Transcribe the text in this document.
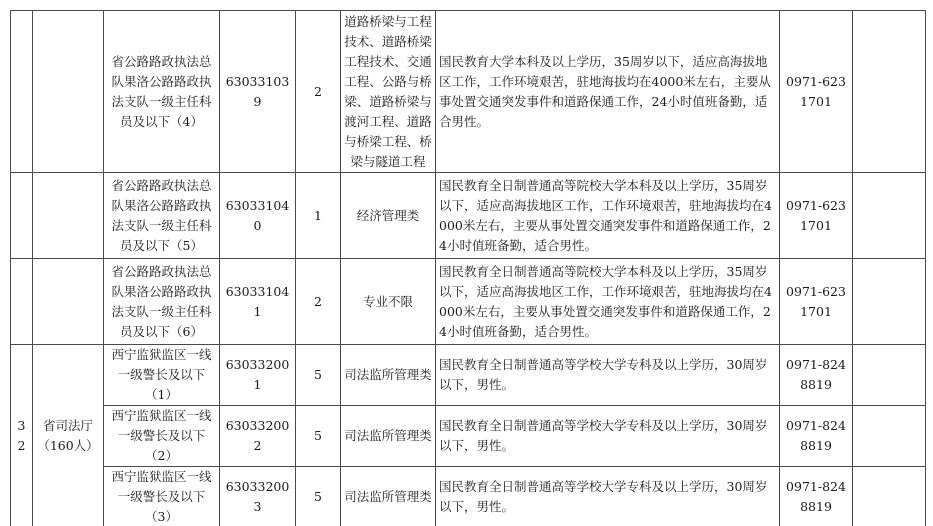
		省公路路政执法总队果洛公路路政执法支队一级主任科员及以下（4）	630331039	2	道路桥梁与工程技术、道路桥梁工程技术、交通工程、公路与桥梁、道路桥梁与渡河工程、道路与桥梁工程、桥梁与隧道工程	国民教育大学本科及以上学历，35周岁以下，适应高海拔地区工作，工作环境艰苦，驻地海拔均在4000米左右，主要从事处置交通突发事件和道路保通工作，24小时值班备勤，适合男性。	0971-6231701	

		省公路路政执法总队果洛公路路政执法支队一级主任科员及以下（5）	630331040	1	经济管理类	国民教育全日制普通高等院校大学本科及以上学历，35周岁以下，适应高海拔地区工作，工作环境艰苦，驻地海拔均在4000米左右，主要从事处置交通突发事件和道路保通工作，24小时值班备勤，适合男性。	0971-6231701	

		省公路路政执法总队果洛公路路政执法支队一级主任科员及以下（6）	630331041	2	专业不限	国民教育全日制普通高等院校大学本科及以上学历，35周岁以下，适应高海拔地区工作，工作环境艰苦，驻地海拔均在4000米左右，主要从事处置交通突发事件和道路保通工作，24小时值班备勤，适合男性。	0971-6231701	

32	省司法厅（160人）	西宁监狱监区一线一级警长及以下（1）	630332001	5	司法监所管理类	国民教育全日制普通高等学校大学专科及以上学历，30周岁以下，男性。	0971-8248819	

		西宁监狱监区一线一级警长及以下（2）	630332002	5	司法监所管理类	国民教育全日制普通高等学校大学专科及以上学历，30周岁以下，男性。	0971-8248819	

		西宁监狱监区一线一级警长及以下（3）	630332003	5	司法监所管理类	国民教育全日制普通高等学校大学专科及以上学历，30周岁以下，男性。	0971-8248819	
